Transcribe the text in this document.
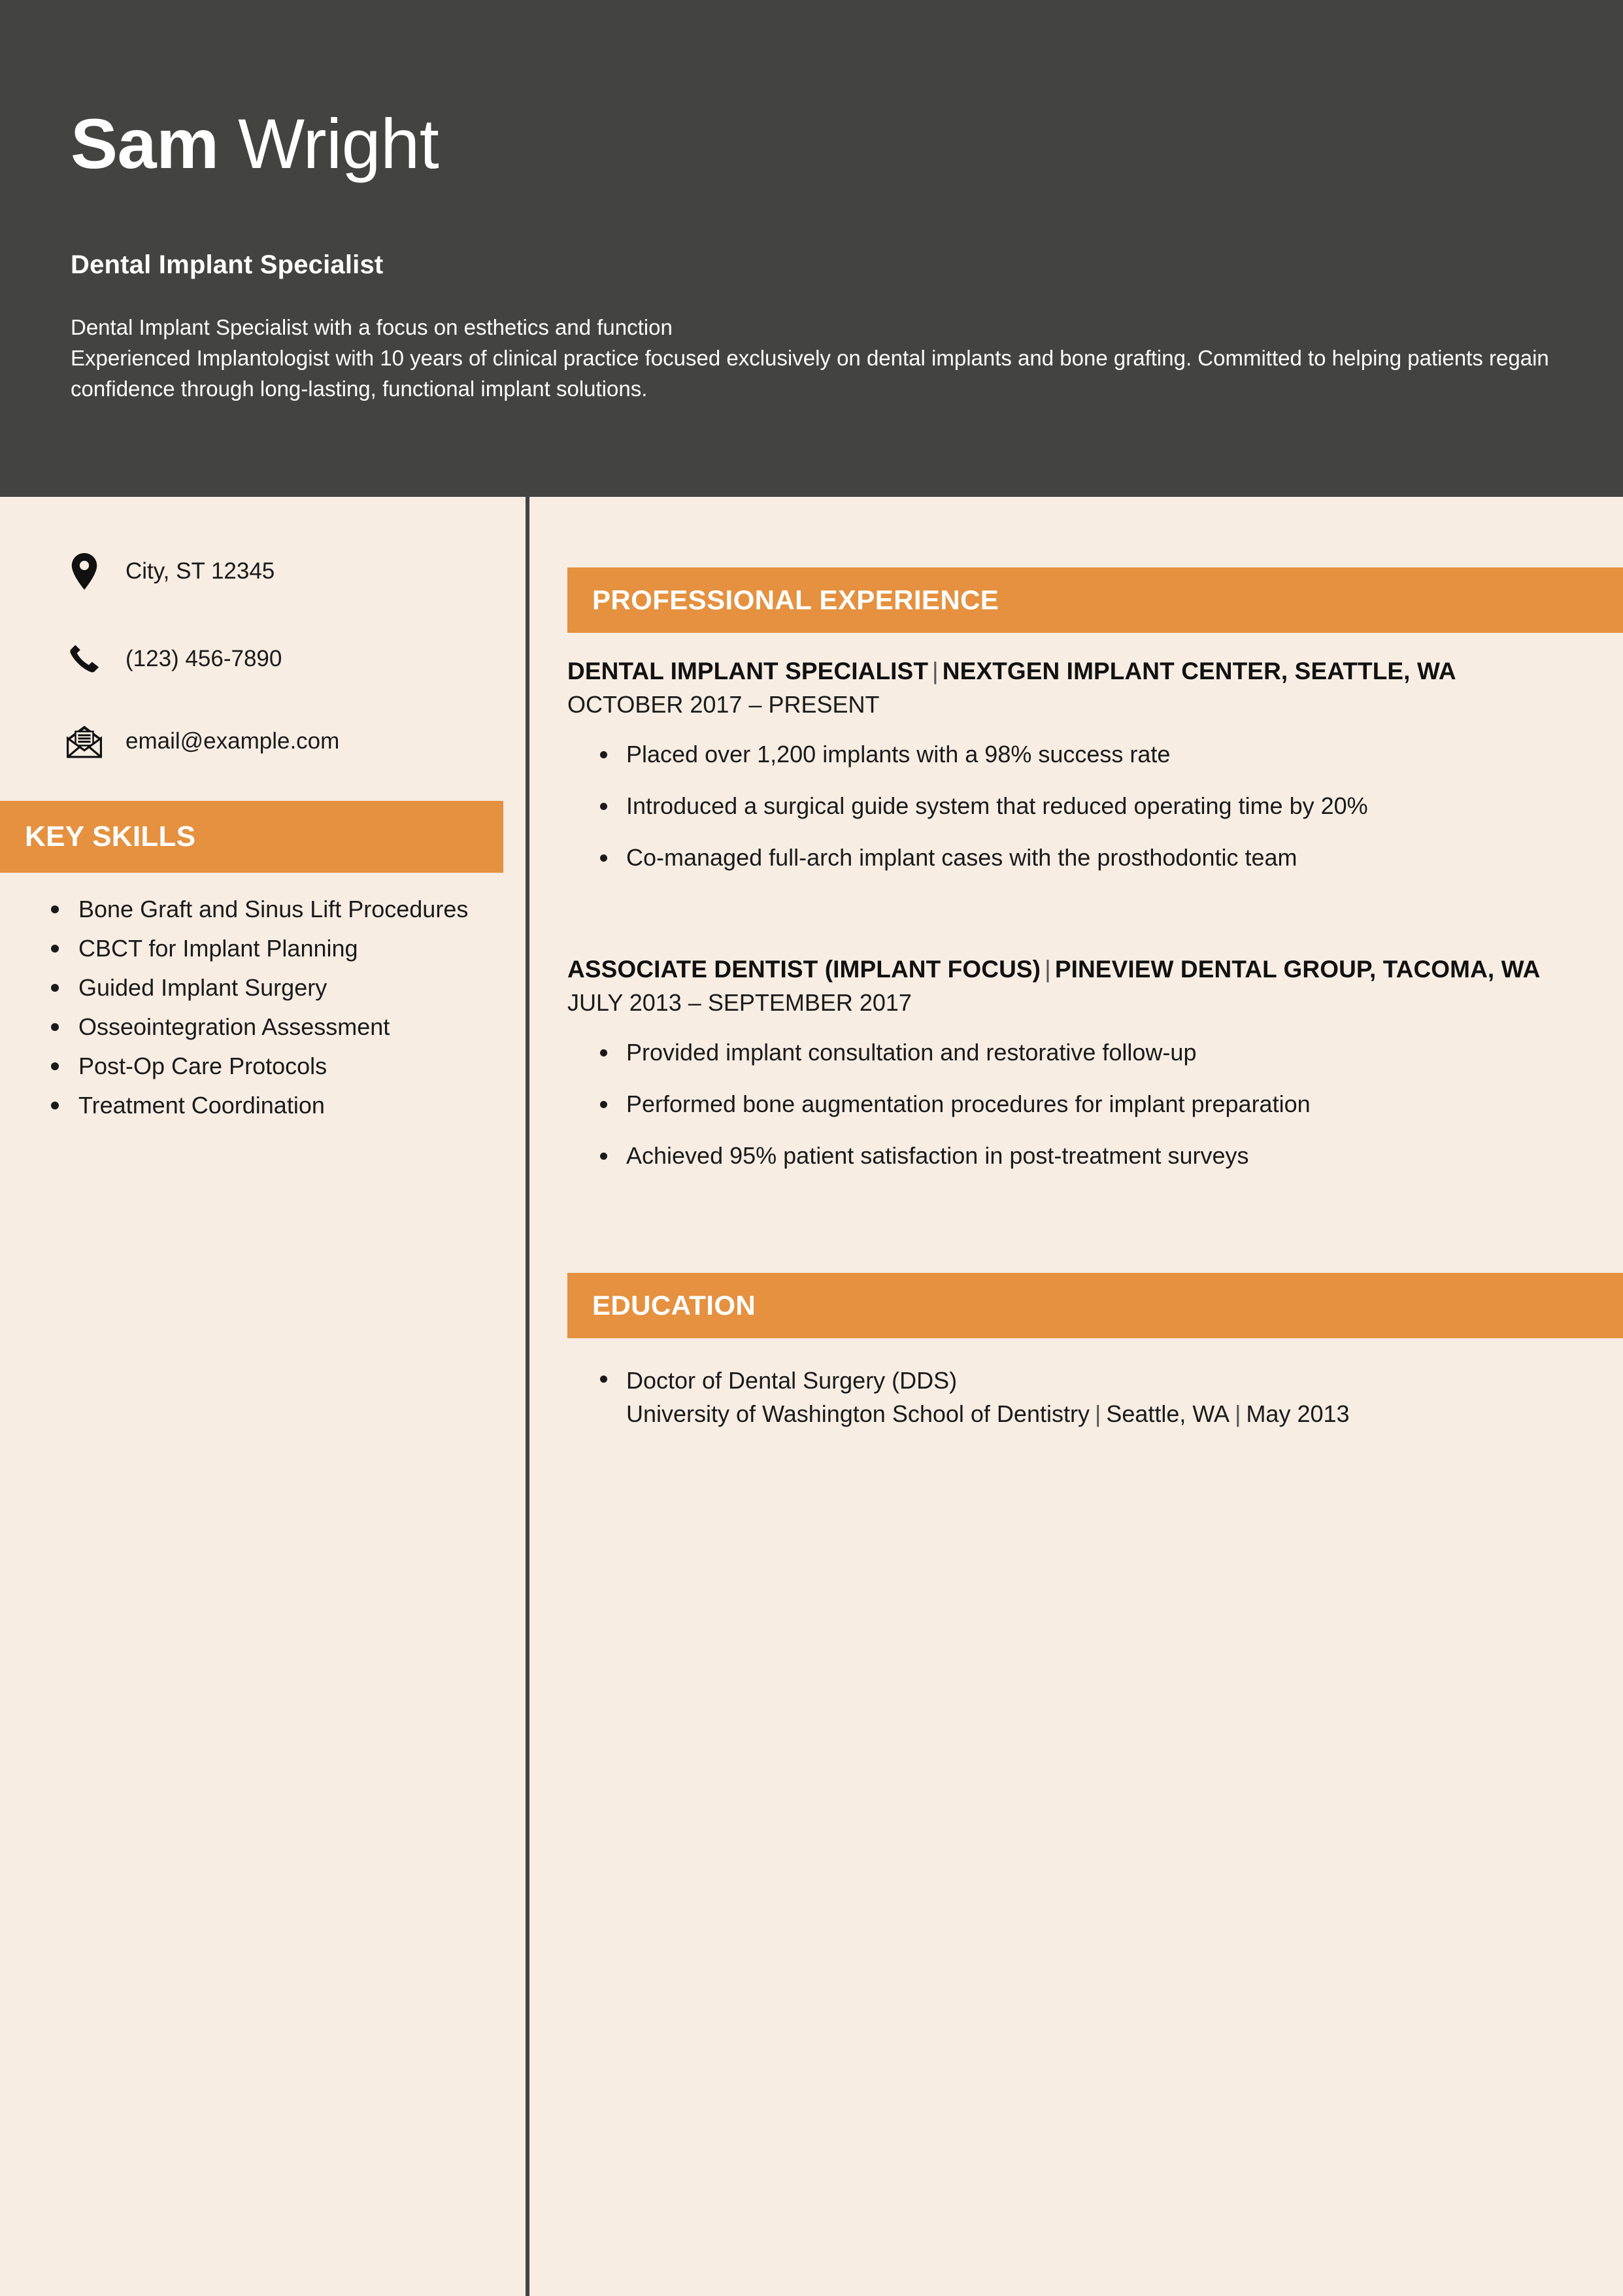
Sam Wright
Dental Implant Specialist
Dental Implant Specialist with a focus on esthetics and function
Experienced Implantologist with 10 years of clinical practice focused exclusively on dental implants and bone grafting. Committed to helping patients regain confidence through long-lasting, functional implant solutions.
City, ST 12345
(123) 456-7890
email@example.com
KEY SKILLS
Bone Graft and Sinus Lift Procedures
CBCT for Implant Planning
Guided Implant Surgery
Osseointegration Assessment
Post-Op Care Protocols
Treatment Coordination
PROFESSIONAL EXPERIENCE
DENTAL IMPLANT SPECIALIST | NEXTGEN IMPLANT CENTER, SEATTLE, WA
OCTOBER 2017 – PRESENT
Placed over 1,200 implants with a 98% success rate
Introduced a surgical guide system that reduced operating time by 20%
Co-managed full-arch implant cases with the prosthodontic team
ASSOCIATE DENTIST (IMPLANT FOCUS) | PINEVIEW DENTAL GROUP, TACOMA, WA
JULY 2013 – SEPTEMBER 2017
Provided implant consultation and restorative follow-up
Performed bone augmentation procedures for implant preparation
Achieved 95% patient satisfaction in post-treatment surveys
EDUCATION
Doctor of Dental Surgery (DDS)
University of Washington School of Dentistry | Seattle, WA | May 2013
